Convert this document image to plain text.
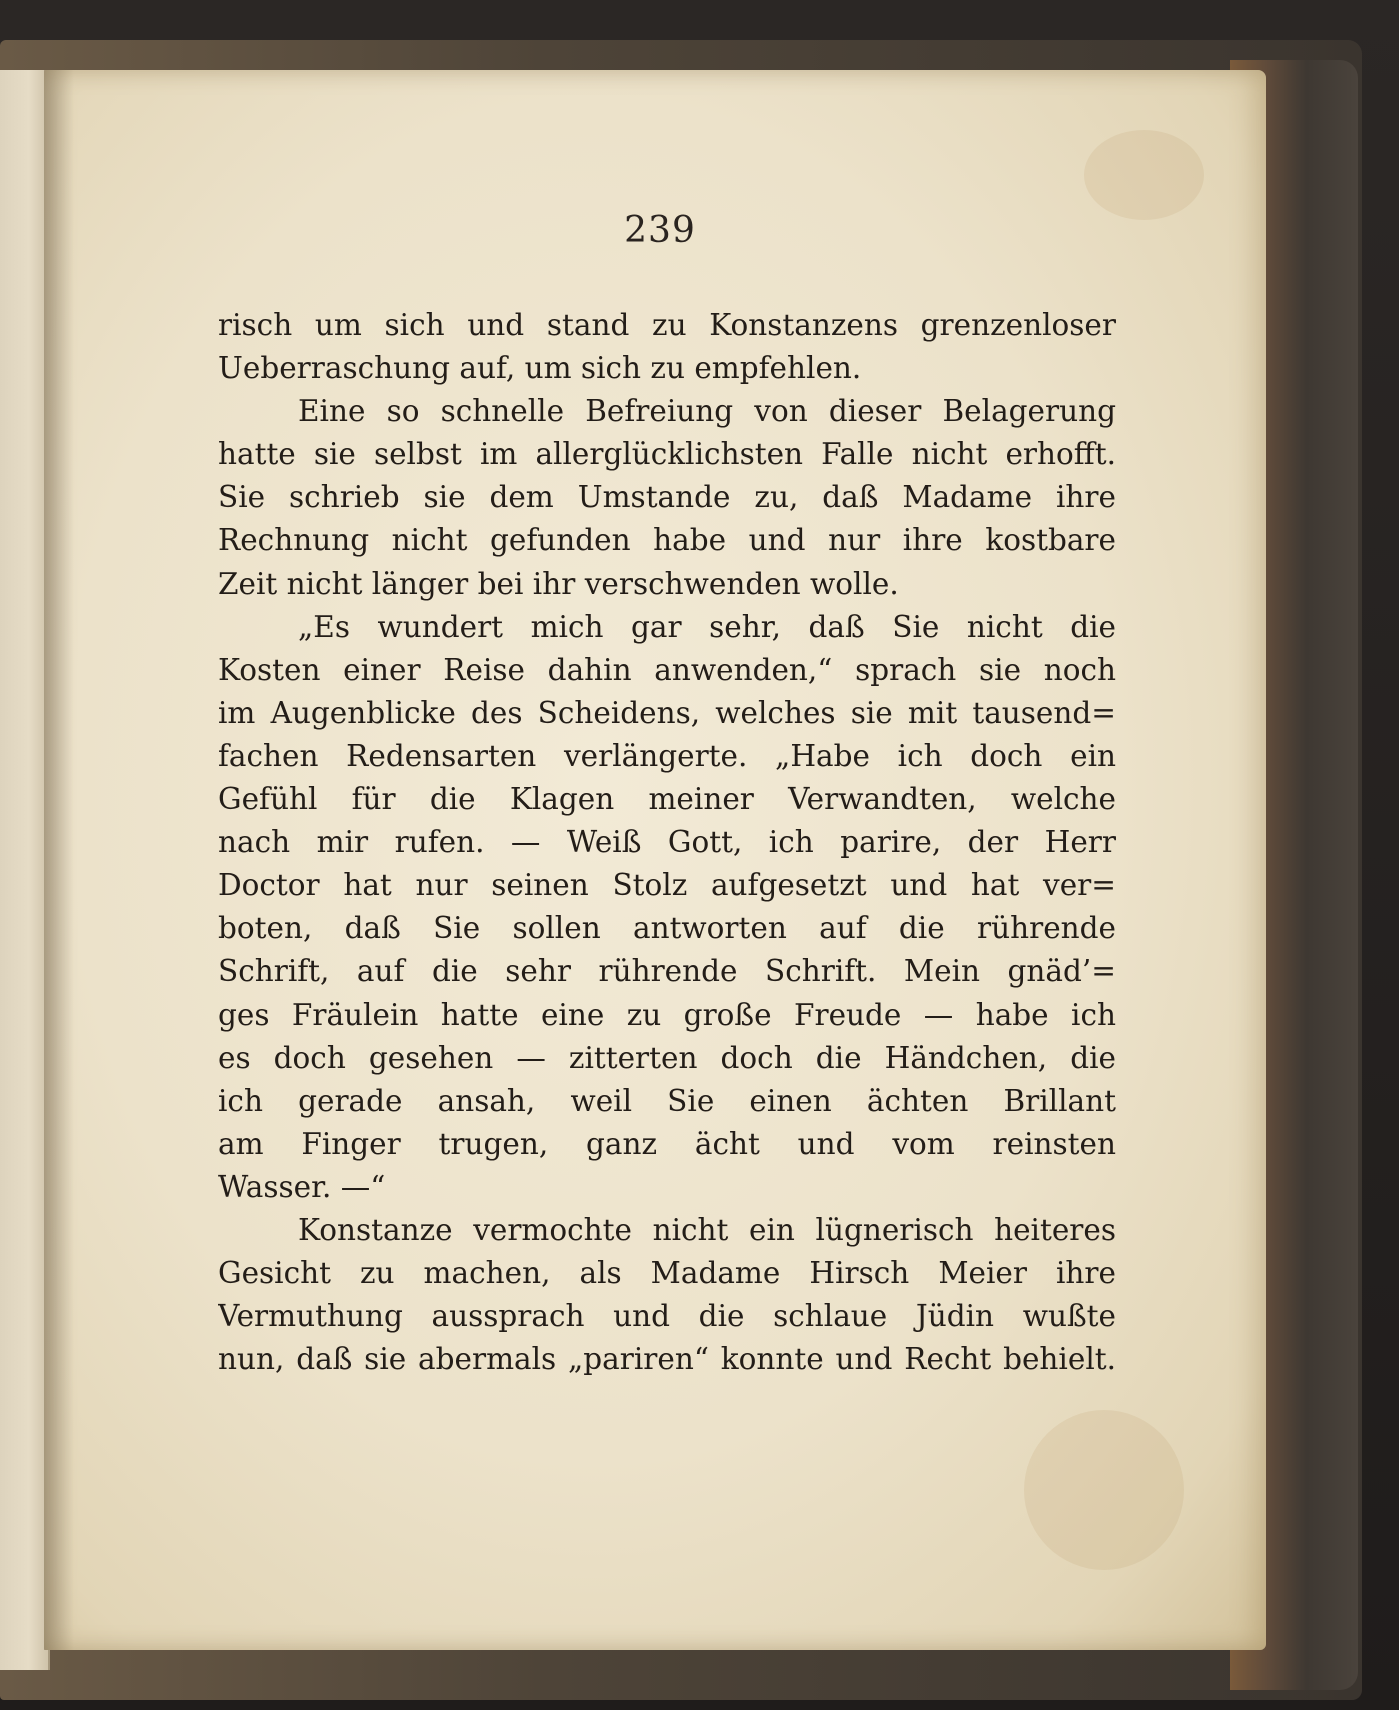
239
risch um sich und stand zu Konstanzens grenzenloser
Ueberraschung auf, um sich zu empfehlen.
Eine so schnelle Befreiung von dieser Belagerung
hatte sie selbst im allerglücklichsten Falle nicht erhofft.
Sie schrieb sie dem Umstande zu, daß Madame ihre
Rechnung nicht gefunden habe und nur ihre kostbare
Zeit nicht länger bei ihr verschwenden wolle.
„Es wundert mich gar sehr, daß Sie nicht die
Kosten einer Reise dahin anwenden,“ sprach sie noch
im Augenblicke des Scheidens, welches sie mit tausend=
fachen Redensarten verlängerte. „Habe ich doch ein
Gefühl für die Klagen meiner Verwandten, welche
nach mir rufen. — Weiß Gott, ich parire, der Herr
Doctor hat nur seinen Stolz aufgesetzt und hat ver=
boten, daß Sie sollen antworten auf die rührende
Schrift, auf die sehr rührende Schrift. Mein gnäd’=
ges Fräulein hatte eine zu große Freude — habe ich
es doch gesehen — zitterten doch die Händchen, die
ich gerade ansah, weil Sie einen ächten Brillant
am Finger trugen, ganz ächt und vom reinsten
Wasser. —“
Konstanze vermochte nicht ein lügnerisch heiteres
Gesicht zu machen, als Madame Hirsch Meier ihre
Vermuthung aussprach und die schlaue Jüdin wußte
nun, daß sie abermals „pariren“ konnte und Recht behielt.
